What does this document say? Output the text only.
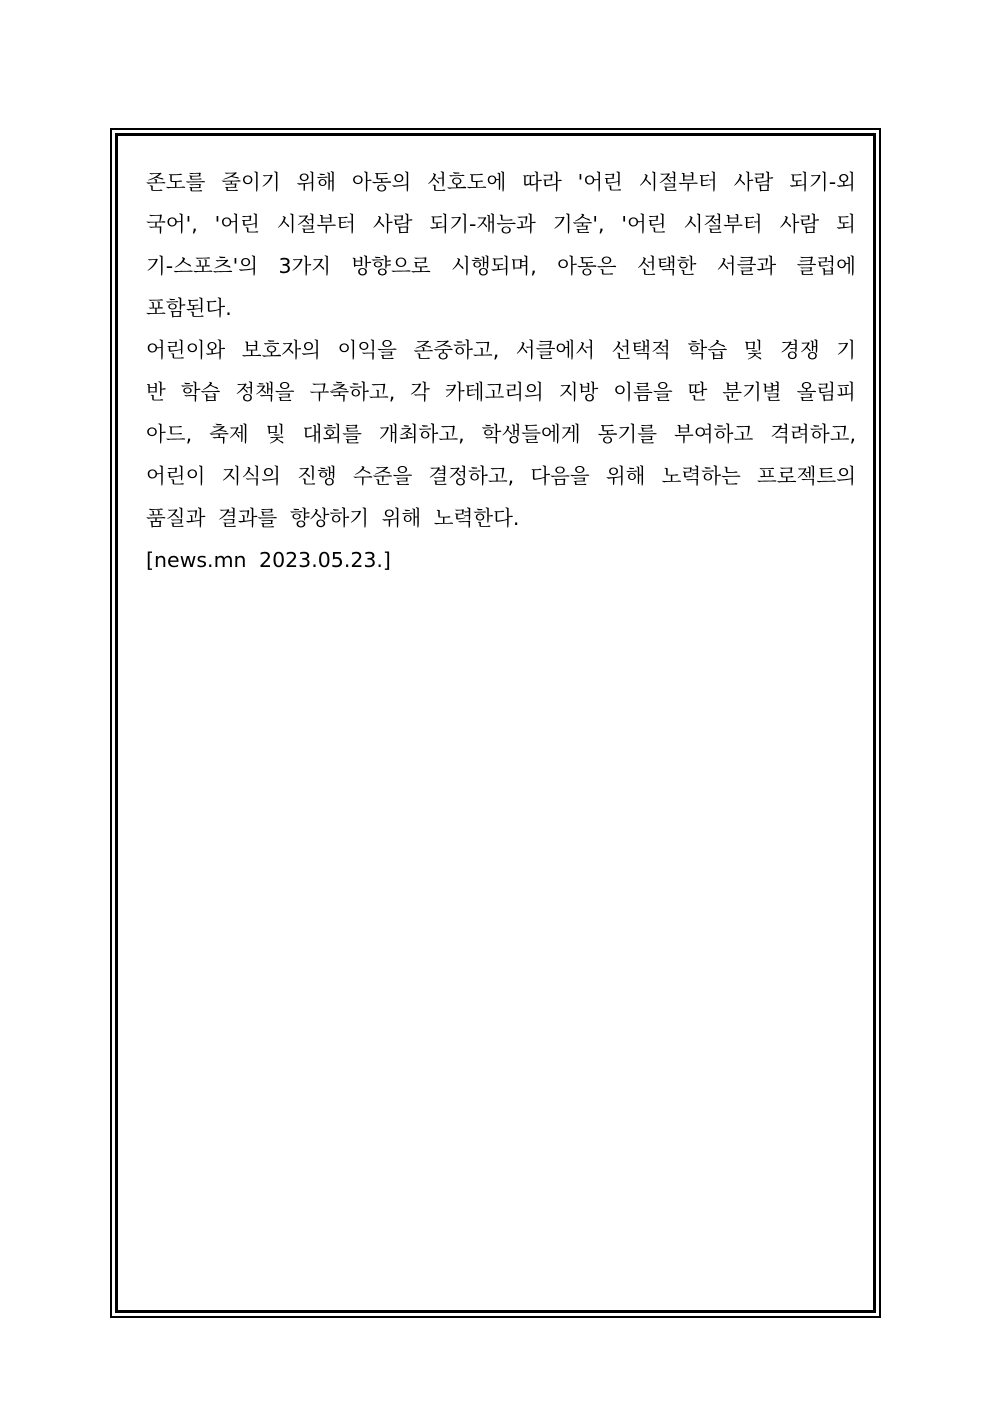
존도를 줄이기 위해 아동의 선호도에 따라 '어린 시절부터 사람 되기-외
국어', '어린 시절부터 사람 되기-재능과 기술', '어린 시절부터 사람 되
기-스포츠'의 3가지 방향으로 시행되며, 아동은 선택한 서클과 클럽에
포함된다.
어린이와 보호자의 이익을 존중하고, 서클에서 선택적 학습 및 경쟁 기
반 학습 정책을 구축하고, 각 카테고리의 지방 이름을 딴 분기별 올림피
아드, 축제 및 대회를 개최하고, 학생들에게 동기를 부여하고 격려하고,
어린이 지식의 진행 수준을 결정하고, 다음을 위해 노력하는 프로젝트의
품질과 결과를 향상하기 위해 노력한다.
[news.mn 2023.05.23.]
